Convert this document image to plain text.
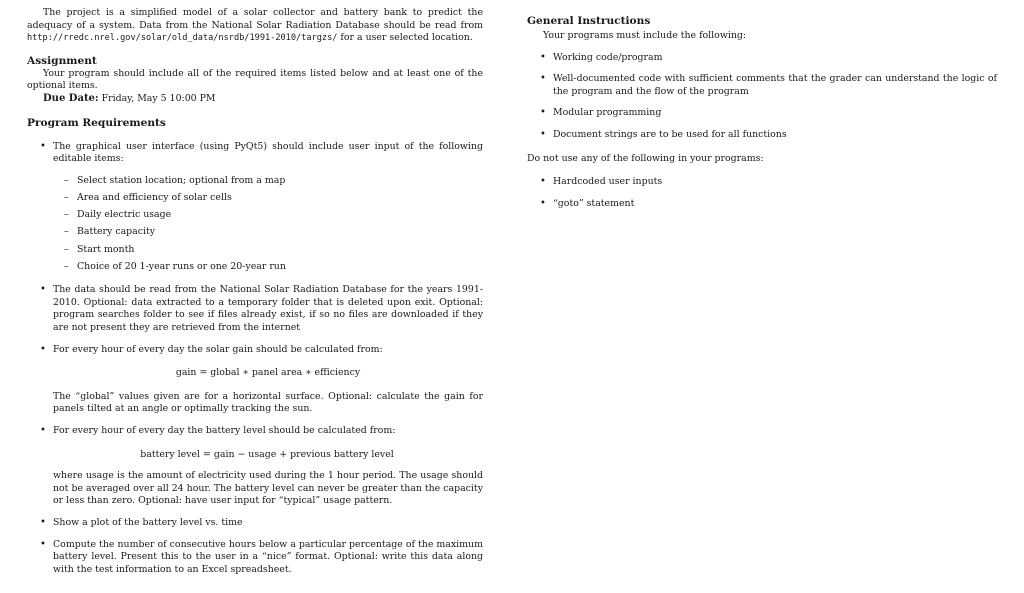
The project is a simplified model of a solar collector and battery bank to predict the adequacy of a system. Data from the National Solar Radiation Database should be read from http://rredc.nrel.gov/solar/old_data/nsrdb/1991-2010/targzs/ for a user selected location.

Assignment

Your program should include all of the required items listed below and at least one of the optional items.

Due Date: Friday, May 5 10:00 PM

Program Requirements
• The graphical user interface (using PyQt5) should include user input of the following editable items:
– Select station location; optional from a map
– Area and efficiency of solar cells
– Daily electric usage
– Battery capacity
– Start month
– Choice of 20 1-year runs or one 20-year run
• The data should be read from the National Solar Radiation Database for the years 1991-2010. Optional: data extracted to a temporary folder that is deleted upon exit. Optional: program searches folder to see if files already exist, if so no files are downloaded if they are not present they are retrieved from the internet
• For every hour of every day the solar gain should be calculated from:
gain = global ∗ panel area ∗ efficiency
The “global” values given are for a horizontal surface. Optional: calculate the gain for panels tilted at an angle or optimally tracking the sun.
• For every hour of every day the battery level should be calculated from:
battery level = gain − usage + previous battery level
where usage is the amount of electricity used during the 1 hour period. The usage should not be averaged over all 24 hour. The battery level can never be greater than the capacity or less than zero. Optional: have user input for “typical” usage pattern.
• Show a plot of the battery level vs. time
• Compute the number of consecutive hours below a particular percentage of the maximum battery level. Present this to the user in a “nice” format. Optional: write this data along with the test information to an Excel spreadsheet.
General Instructions

Your programs must include the following:

• Working code/program
• Well-documented code with sufficient comments that the grader can understand the logic of the program and the flow of the program
• Modular programming
• Document strings are to be used for all functions

Do not use any of the following in your programs:

• Hardcoded user inputs
• “goto” statement
